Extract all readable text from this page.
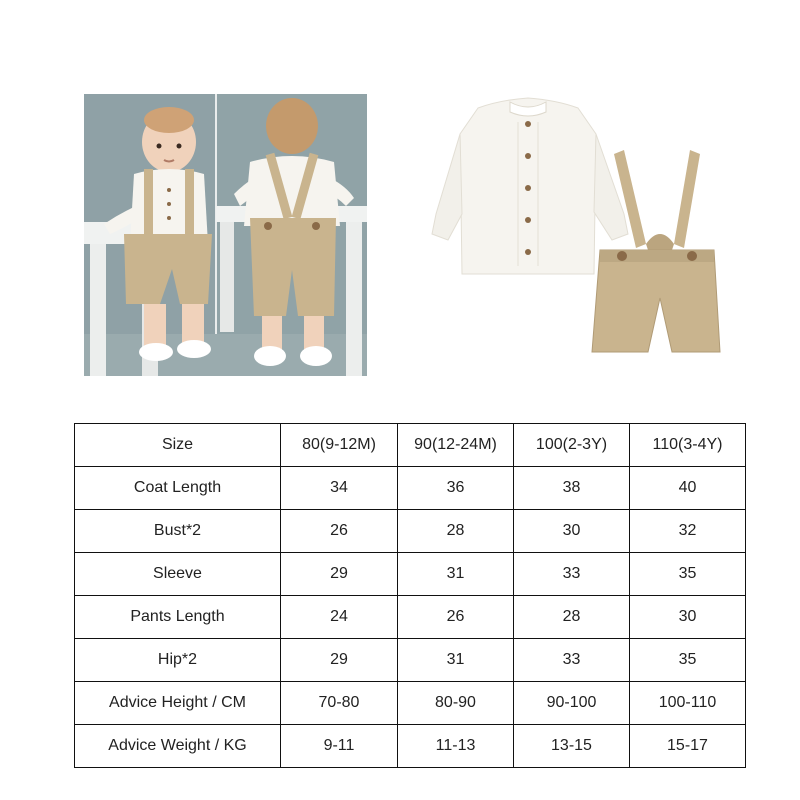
Size	80(9-12M)	90(12-24M)	100(2-3Y)	110(3-4Y)
Coat Length	34	36	38	40
Bust*2	26	28	30	32
Sleeve	29	31	33	35
Pants Length	24	26	28	30
Hip*2	29	31	33	35
Advice Height / CM	70-80	80-90	90-100	100-110
Advice Weight / KG	9-11	11-13	13-15	15-17
